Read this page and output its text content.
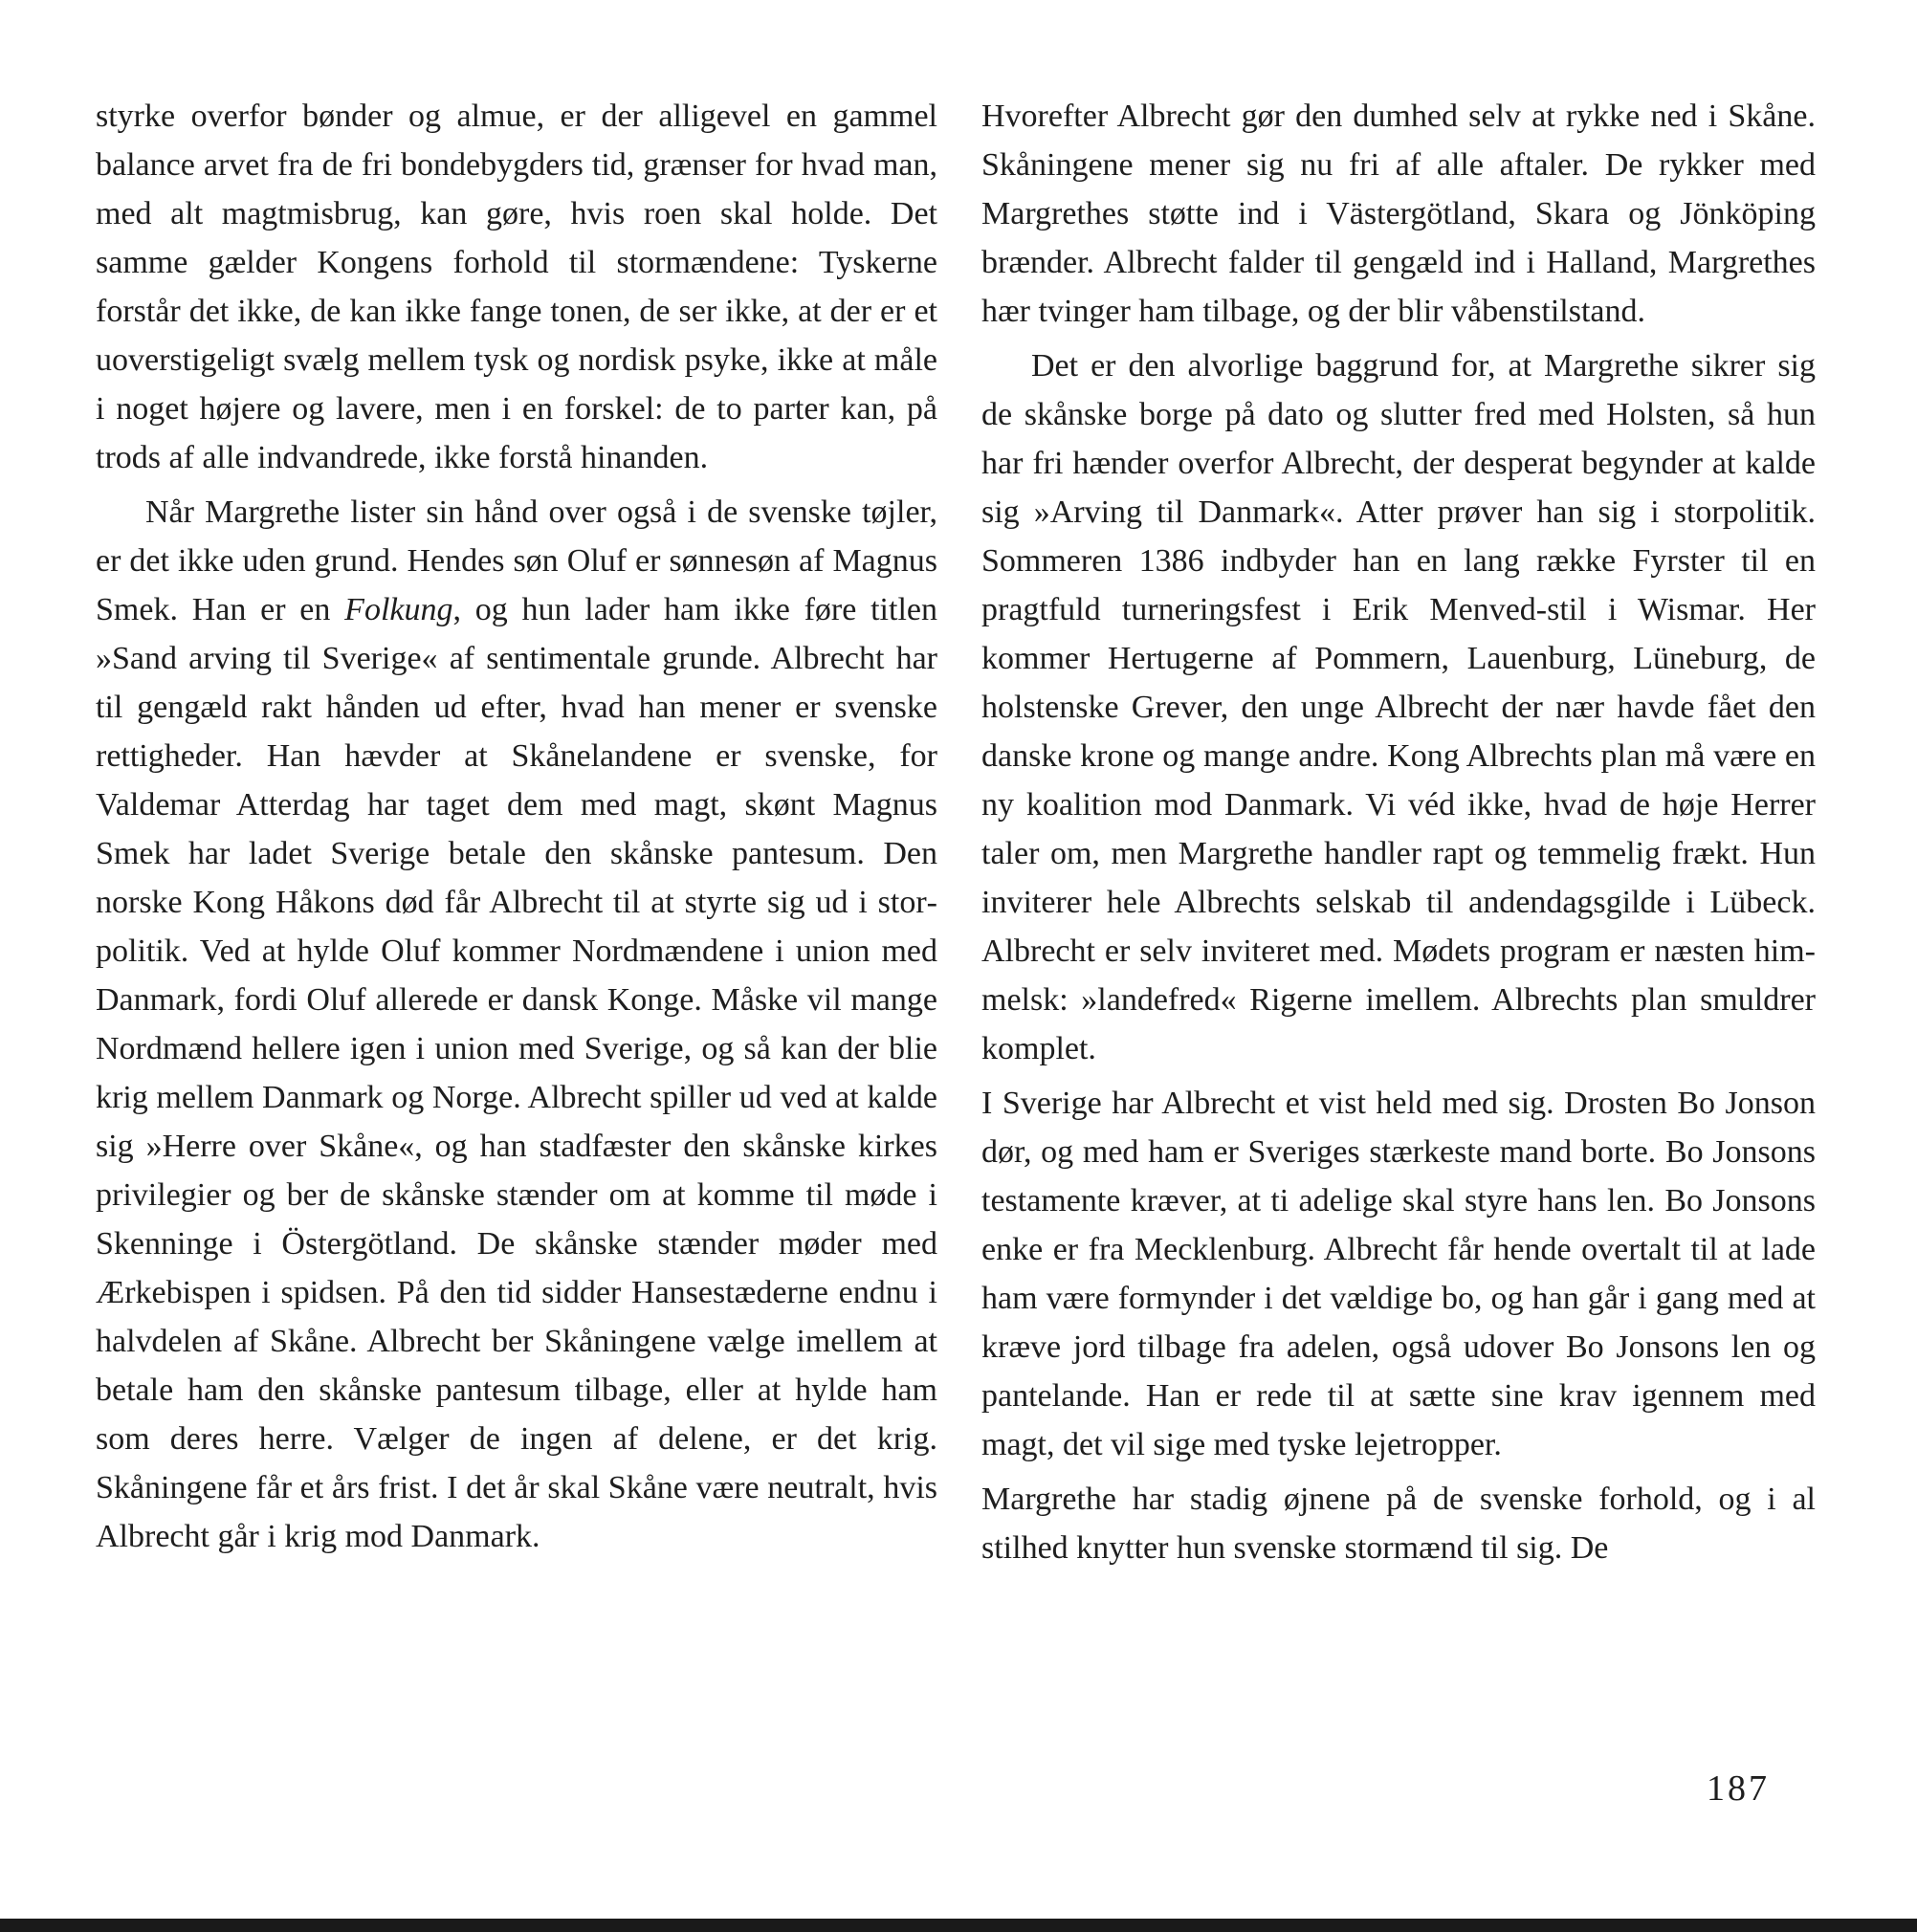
styrke overfor bønder og almue, er der alligevel en gammel balance arvet fra de fri bondebygders tid, grænser for hvad man, med alt magtmisbrug, kan gøre, hvis roen skal holde. Det samme gælder Kongens forhold til stormændene: Tyskerne forstår det ikke, de kan ikke fange tonen, de ser ikke, at der er et uoverstigeligt svælg mellem tysk og nordisk psyke, ikke at måle i noget højere og lavere, men i en forskel: de to parter kan, på trods af alle indvandrede, ikke forstå hinanden.

Når Margrethe lister sin hånd over også i de svenske tøjler, er det ikke uden grund. Hendes søn Oluf er sønnesøn af Magnus Smek. Han er en Folkung, og hun lader ham ikke føre titlen »Sand arving til Sverige« af sentimentale grunde. Albrecht har til gengæld rakt hånden ud efter, hvad han mener er svenske rettigheder. Han hævder at Skånelandene er svenske, for Valdemar Atterdag har taget dem med magt, skønt Magnus Smek har ladet Sverige betale den skånske pantesum. Den norske Kong Håkons død får Albrecht til at styrte sig ud i storpolitik. Ved at hylde Oluf kommer Nordmændene i union med Danmark, fordi Oluf allerede er dansk Konge. Måske vil mange Nordmænd hellere igen i union med Sverige, og så kan der blie krig mellem Danmark og Norge. Albrecht spiller ud ved at kalde sig »Herre over Skåne«, og han stadfæster den skånske kirkes privilegier og ber de skånske stænder om at komme til møde i Skenninge i Östergötland. De skånske stænder møder med Ærkebispen i spidsen. På den tid sidder Hansestæderne endnu i halvdelen af Skåne. Albrecht ber Skåningene vælge imellem at betale ham den skånske pantesum tilbage, eller at hylde ham som deres herre. Vælger de ingen af delene, er det krig. Skåningene får et års frist. I det år skal Skåne være neutralt, hvis Albrecht går i krig mod Danmark.

Hvorefter Albrecht gør den dumhed selv at rykke ned i Skåne. Skåningene mener sig nu fri af alle aftaler. De rykker med Margrethes støtte ind i Västergötland, Skara og Jönköping brænder. Albrecht falder til gengæld ind i Halland, Margrethes hær tvinger ham tilbage, og der blir våbenstilstand.

Det er den alvorlige baggrund for, at Margrethe sikrer sig de skånske borge på dato og slutter fred med Holsten, så hun har fri hænder overfor Albrecht, der desperat begynder at kalde sig »Arving til Danmark«. Atter prøver han sig i storpolitik. Sommeren 1386 indbyder han en lang række Fyrster til en pragtfuld turneringsfest i Erik Menved-stil i Wismar. Her kommer Hertugerne af Pommern, Lauenburg, Lüneburg, de holstenske Grever, den unge Albrecht der nær havde fået den danske krone og mange andre. Kong Albrechts plan må være en ny koalition mod Danmark. Vi véd ikke, hvad de høje Herrer taler om, men Margrethe handler rapt og temmelig frækt. Hun inviterer hele Albrechts selskab til andendagsgilde i Lübeck. Albrecht er selv inviteret med. Mødets program er næsten himmelsk: »landefred« Rigerne imellem. Albrechts plan smuldrer komplet.

I Sverige har Albrecht et vist held med sig. Drosten Bo Jonson dør, og med ham er Sveriges stærkeste mand borte. Bo Jonsons testamente kræver, at ti adelige skal styre hans len. Bo Jonsons enke er fra Mecklenburg. Albrecht får hende overtalt til at lade ham være formynder i det vældige bo, og han går i gang med at kræve jord tilbage fra adelen, også udover Bo Jonsons len og pantelande. Han er rede til at sætte sine krav igennem med magt, det vil sige med tyske lejetropper.

Margrethe har stadig øjnene på de svenske forhold, og i al stilhed knytter hun svenske stormænd til sig. De

187
